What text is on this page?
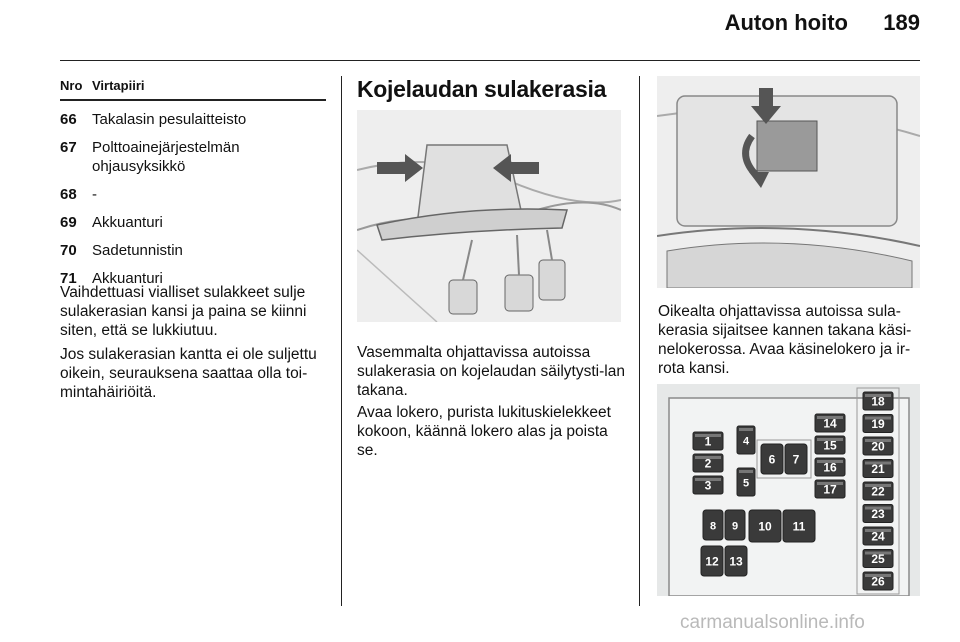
Auton hoito	189
Nro Virtapiiri
66	Takalasin pesulaitteisto
67	Polttoainejärjestelmän ohjausyksikkö
68	-
69	Akkuanturi
70	Sadetunnistin
71	Akkuanturi
Vaihdettuasi vialliset sulakkeet sulje sulakerasian kansi ja paina se kiinni siten, että se lukkiutuu.
Jos sulakerasian kantta ei ole suljettu oikein, seurauksena saattaa olla toi-mintahäiriöitä.
Kojelaudan sulakerasia
Vasemmalta ohjattavissa autoissa sulakerasia on kojelaudan säilytysti-lan takana.
Avaa lokero, purista lukituskielekkeet kokoon, käännä lokero alas ja poista se.
Oikealta ohjattavissa autoissa sula-kerasia sijaitsee kannen takana käsi-nelokerossa. Avaa käsinelokero ja ir-rota kansi.
1
2
3
4
5
6 7
8 9 10 11
12 13
14
15
16
17
18
19
20
21
22
23
24
25
26
carmanualsonline.info
